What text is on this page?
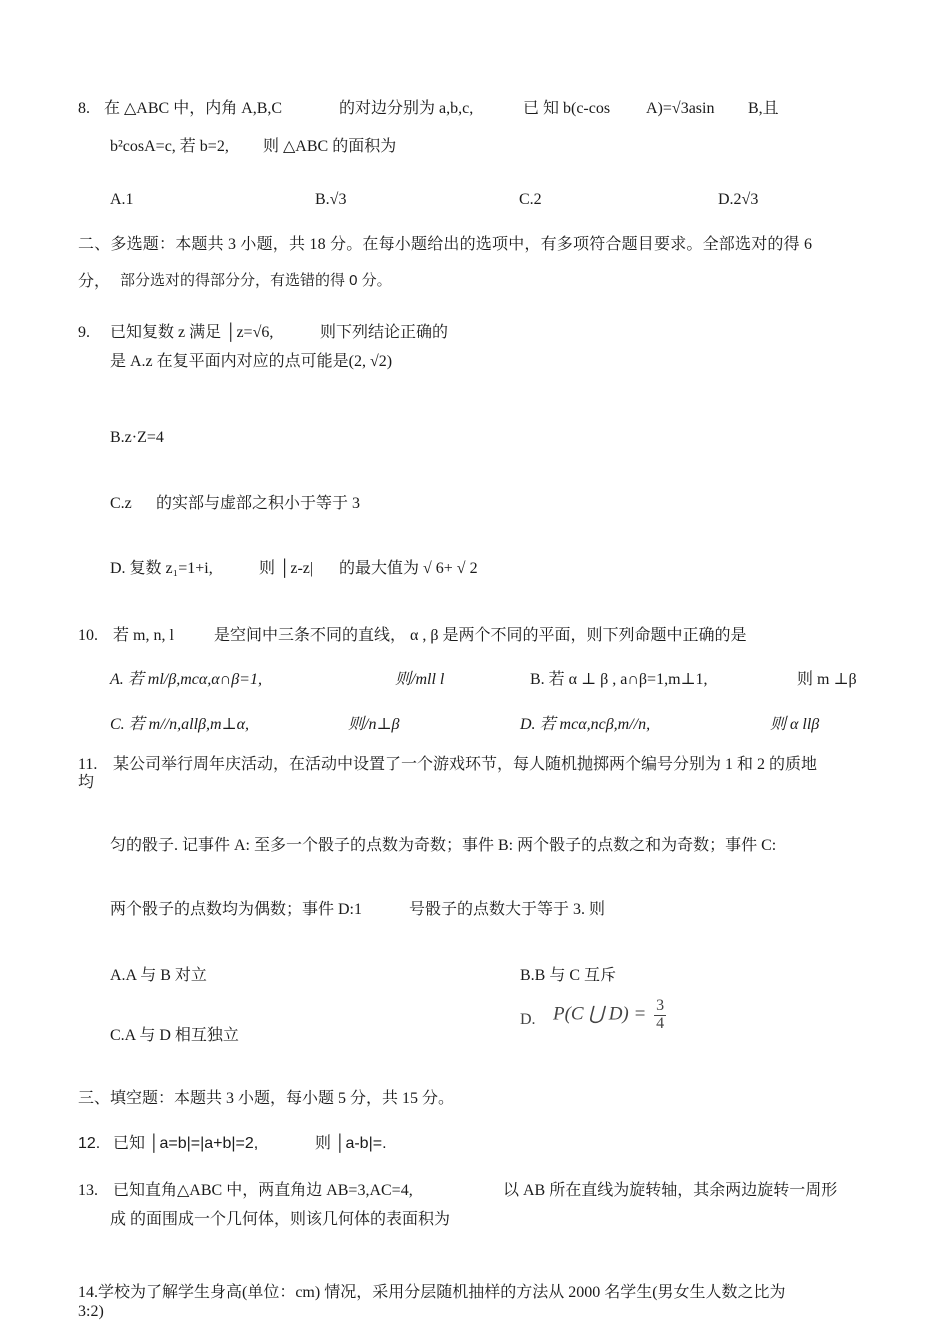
8. 在 △ABC 中，内角 A,B,C	的对边分别为 a,b,c,	已 知 b(c-cos A)=√3asin B,且
b²cosA=c, 若 b=2, 则 △ABC 的面积为
A.1	B.√3	C.2	D.2√3
二、多选题：本题共 3 小题，共 18 分。在每小题给出的选项中，有多项符合题目要求。全部选对的得 6
分， 部分选对的得部分分，有选错的得 0 分。
9. 已知复数 z 满足 │z=√6,	则下列结论正确的
是 A.z 在复平面内对应的点可能是(2, √2)
B.z·Z=4
C.z 的实部与虚部之积小于等于 3
D. 复数 z₁=1+i,	则 │z-z| 的最大值为 √ 6+ √ 2
10. 若 m, n, l	是空间中三条不同的直线， α , β 是两个不同的平面，则下列命题中正确的是
A. 若 ml/β,mcα,α∩β=1,	则/mll l	B. 若 α ⊥ β , a∩β=1,m⊥1,	则 m ⊥β
C. 若 m//n,allβ,m⊥α,	则/n⊥β	D. 若 mcα,ncβ,m//n,	则 α llβ
11. 某公司举行周年庆活动，在活动中设置了一个游戏环节，每人随机抛掷两个编号分别为 1 和 2 的质地
均
匀的骰子. 记事件 A: 至多一个骰子的点数为奇数；事件 B: 两个骰子的点数之和为奇数；事件 C:
两个骰子的点数均为偶数；事件 D:1	号骰子的点数大于等于 3. 则
A.A 与 B 对立	B.B 与 C 互斥
C.A 与 D 相互独立
D. P(C ⋃ $D) = \frac{3}{4}$
三、填空题：本题共 3 小题，每小题 5 分，共 15 分。
12. 已知 │a=b|=|a+b|=2,	则 │a-b|=.
13. 已知直角△ABC 中，两直角边 AB=3,AC=4,	以 AB 所在直线为旋转轴，其余两边旋转一周形
成 的面围成一个几何体，则该几何体的表面积为
14.学校为了解学生身高(单位：cm) 情况，采用分层随机抽样的方法从 2000 名学生(男女生人数之比为
3:2)
